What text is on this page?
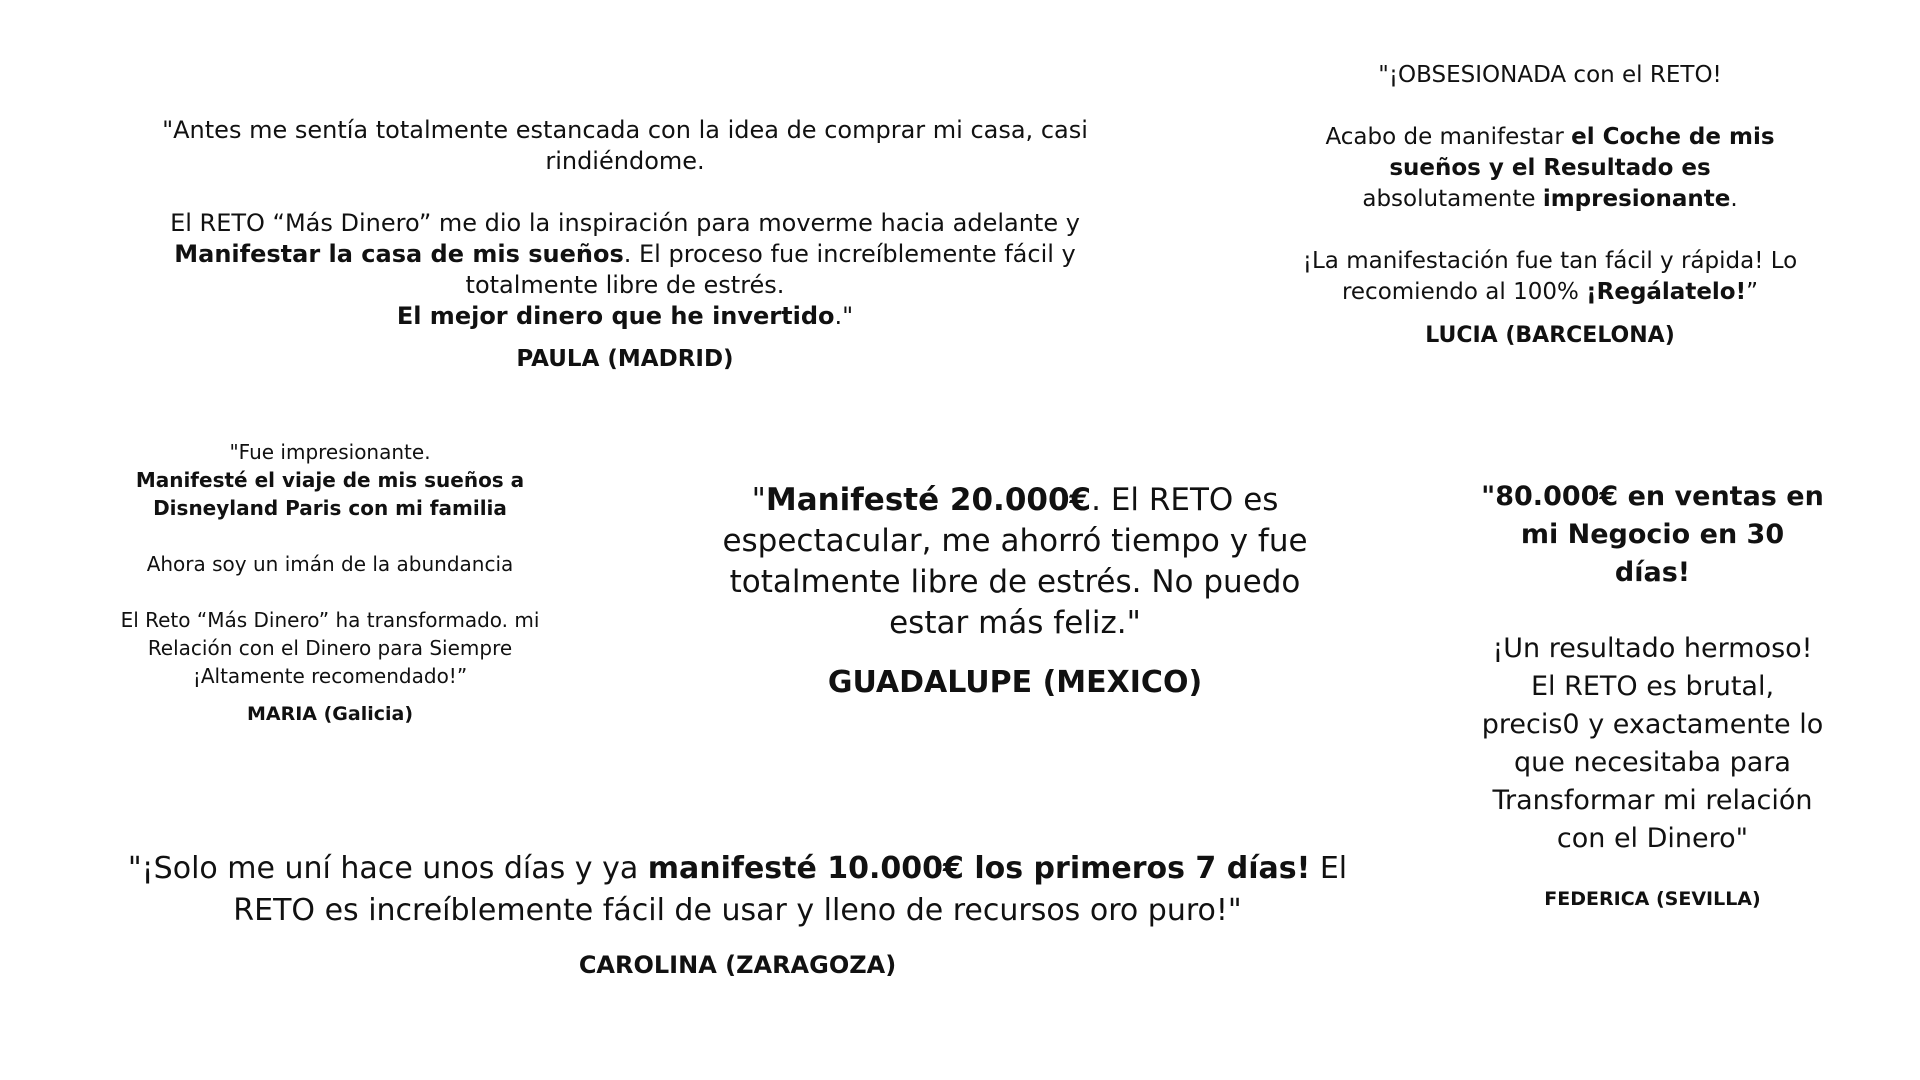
"Antes me sentía totalmente estancada con la idea de comprar mi casa, casi rindiéndome.

El RETO “Más Dinero” me dio la inspiración para moverme hacia adelante y Manifestar la casa de mis sueños. El proceso fue increíblemente fácil y totalmente libre de estrés.
El mejor dinero que he invertido."

PAULA (MADRID)

"¡OBSESIONADA con el RETO!

Acabo de manifestar el Coche de mis sueños y el Resultado es absolutamente impresionante.

¡La manifestación fue tan fácil y rápida! Lo recomiendo al 100% ¡Regálatelo!”

LUCIA (BARCELONA)

"Fue impresionante.
Manifesté el viaje de mis sueños a Disneyland Paris con mi familia

Ahora soy un imán de la abundancia

El Reto “Más Dinero” ha transformado. mi Relación con el Dinero para Siempre ¡Altamente recomendado!”

MARIA (Galicia)

"Manifesté 20.000€. El RETO es espectacular, me ahorró tiempo y fue totalmente libre de estrés. No puedo estar más feliz."

GUADALUPE (MEXICO)

"80.000€ en ventas en mi Negocio en 30 días!

¡Un resultado hermoso! El RETO es brutal, precis0 y exactamente lo que necesitaba para Transformar mi relación con el Dinero"

FEDERICA (SEVILLA)

"¡Solo me uní hace unos días y ya manifesté 10.000€ los primeros 7 días! El RETO es increíblemente fácil de usar y lleno de recursos oro puro!"

CAROLINA (ZARAGOZA)
